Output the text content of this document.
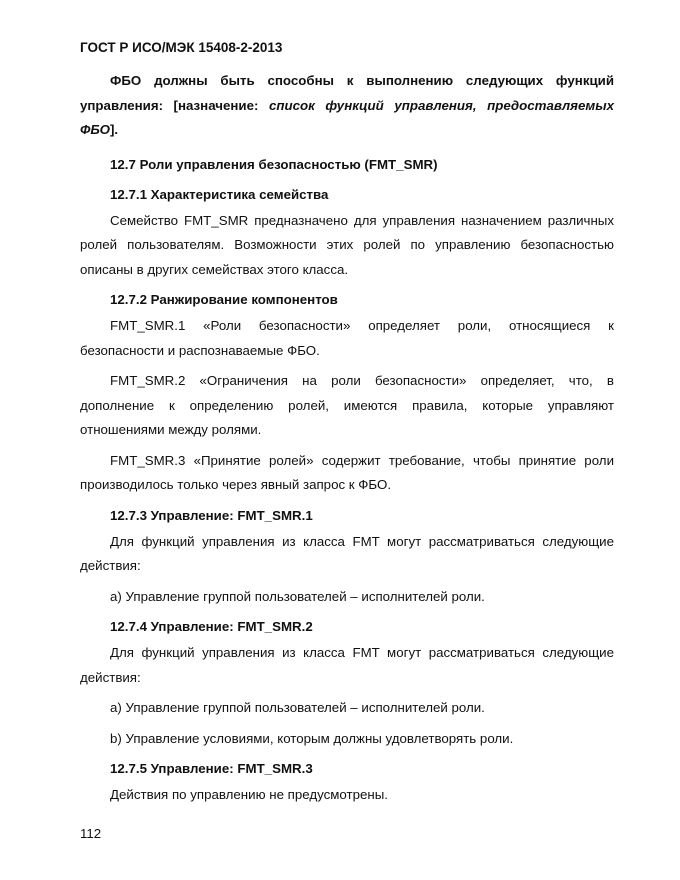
ГОСТ Р ИСО/МЭК 15408-2-2013

ФБО должны быть способны к выполнению следующих функций управления: [назначение: список функций управления, предоставляемых ФБО].

12.7 Роли управления безопасностью (FMT_SMR)
12.7.1 Характеристика семейства

Семейство FMT_SMR предназначено для управления назначением различных ролей пользователям. Возможности этих ролей по управлению безопасностью описаны в других семействах этого класса.

12.7.2 Ранжирование компонентов

FMT_SMR.1 «Роли безопасности» определяет роли, относящиеся к безопасности и распознаваемые ФБО.

FMT_SMR.2 «Ограничения на роли безопасности» определяет, что, в дополнение к определению ролей, имеются правила, которые управляют отношениями между ролями.

FMT_SMR.3 «Принятие ролей» содержит требование, чтобы принятие роли производилось только через явный запрос к ФБО.

12.7.3 Управление: FMT_SMR.1

Для функций управления из класса FMT могут рассматриваться следующие действия:

a) Управление группой пользователей – исполнителей роли.

12.7.4 Управление: FMT_SMR.2

Для функций управления из класса FMT могут рассматриваться следующие действия:

a) Управление группой пользователей – исполнителей роли.

b) Управление условиями, которым должны удовлетворять роли.

12.7.5 Управление: FMT_SMR.3

Действия по управлению не предусмотрены.

112
